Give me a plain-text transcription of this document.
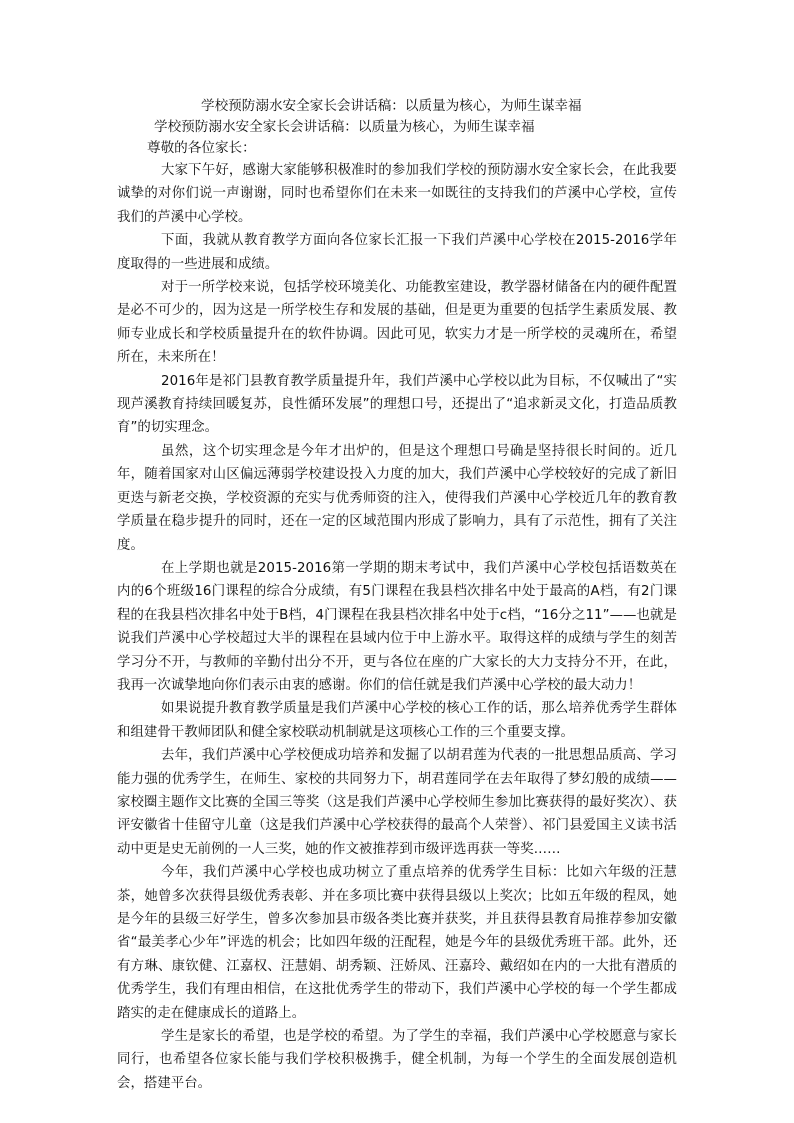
学校预防溺水安全家长会讲话稿：以质量为核心，为师生谋幸福
学校预防溺水安全家长会讲话稿：以质量为核心，为师生谋幸福

尊敬的各位家长：

大家下午好，感谢大家能够积极准时的参加我们学校的预防溺水安全家长会，在此我要诚挚的对你们说一声谢谢，同时也希望你们在未来一如既往的支持我们的芦溪中心学校，宣传我们的芦溪中心学校。

下面，我就从教育教学方面向各位家长汇报一下我们芦溪中心学校在2015-2016学年度取得的一些进展和成绩。

对于一所学校来说，包括学校环境美化、功能教室建设，教学器材储备在内的硬件配置是必不可少的，因为这是一所学校生存和发展的基础，但是更为重要的包括学生素质发展、教师专业成长和学校质量提升在的软件协调。因此可见，软实力才是一所学校的灵魂所在，希望所在，未来所在！

2016年是祁门县教育教学质量提升年，我们芦溪中心学校以此为目标，不仅喊出了“实现芦溪教育持续回暖复苏，良性循环发展”的理想口号，还提出了“追求新灵文化，打造品质教育”的切实理念。

虽然，这个切实理念是今年才出炉的，但是这个理想口号确是坚持很长时间的。近几年，随着国家对山区偏远薄弱学校建设投入力度的加大，我们芦溪中心学校较好的完成了新旧更迭与新老交换，学校资源的充实与优秀师资的注入，使得我们芦溪中心学校近几年的教育教学质量在稳步提升的同时，还在一定的区域范围内形成了影响力，具有了示范性，拥有了关注度。

在上学期也就是2015-2016第一学期的期末考试中，我们芦溪中心学校包括语数英在内的6个班级16门课程的综合分成绩，有5门课程在我县档次排名中处于最高的A档，有2门课程的在我县档次排名中处于B档，4门课程在我县档次排名中处于c档，“16分之11”——也就是说我们芦溪中心学校超过大半的课程在县域内位于中上游水平。取得这样的成绩与学生的刻苦学习分不开，与教师的辛勤付出分不开，更与各位在座的广大家长的大力支持分不开，在此，我再一次诚挚地向你们表示由衷的感谢。你们的信任就是我们芦溪中心学校的最大动力！

如果说提升教育教学质量是我们芦溪中心学校的核心工作的话，那么培养优秀学生群体和组建骨干教师团队和健全家校联动机制就是这项核心工作的三个重要支撑。

去年，我们芦溪中心学校便成功培养和发掘了以胡君莲为代表的一批思想品质高、学习能力强的优秀学生，在师生、家校的共同努力下，胡君莲同学在去年取得了梦幻般的成绩——家校圈主题作文比赛的全国三等奖（这是我们芦溪中心学校师生参加比赛获得的最好奖次）、获评安徽省十佳留守儿童（这是我们芦溪中心学校获得的最高个人荣誉）、祁门县爱国主义读书活动中更是史无前例的一人三奖，她的作文被推荐到市级评选再获一等奖……

今年，我们芦溪中心学校也成功树立了重点培养的优秀学生目标：比如六年级的汪慧茶，她曾多次获得县级优秀表彰、并在多项比赛中获得县级以上奖次；比如五年级的程凤，她是今年的县级三好学生，曾多次参加县市级各类比赛并获奖，并且获得县教育局推荐参加安徽省“最美孝心少年”评选的机会；比如四年级的汪配程，她是今年的县级优秀班干部。此外，还有方琳、康钦健、江嘉权、汪慧娟、胡秀颖、汪娇凤、汪嘉玲、戴绍如在内的一大批有潜质的优秀学生，我们有理由相信，在这批优秀学生的带动下，我们芦溪中心学校的每一个学生都成踏实的走在健康成长的道路上。

学生是家长的希望，也是学校的希望。为了学生的幸福，我们芦溪中心学校愿意与家长同行，也希望各位家长能与我们学校积极携手，健全机制，为每一个学生的全面发展创造机会，搭建平台。
